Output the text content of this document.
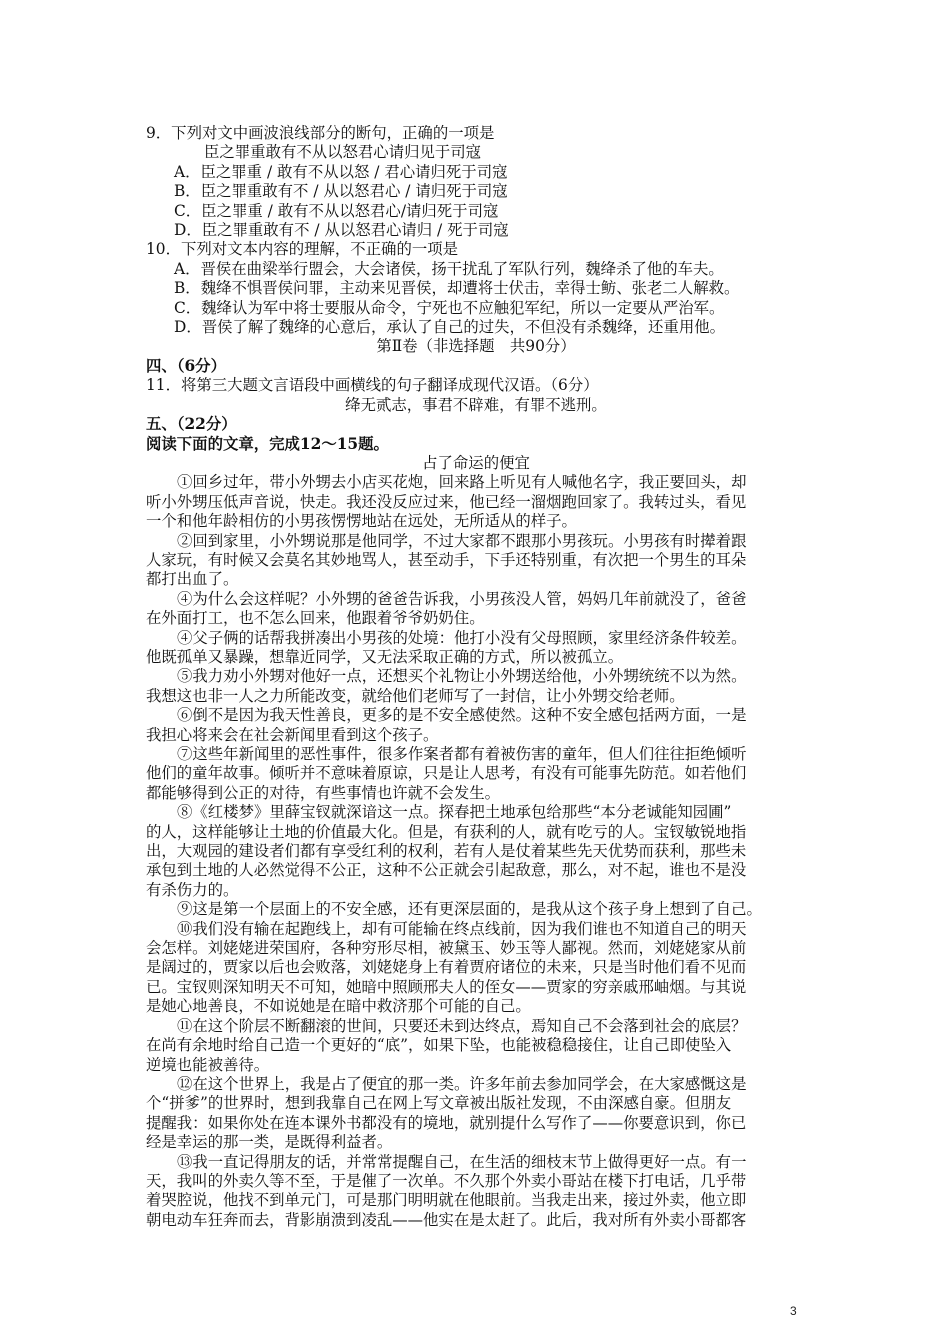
9．下列对文中画波浪线部分的断句，正确的一项是
臣之罪重敢有不从以怒君心请归见于司寇
A．臣之罪重 / 敢有不从以怒 / 君心请归死于司寇
B．臣之罪重敢有不 / 从以怒君心 / 请归死于司寇
C．臣之罪重 / 敢有不从以怒君心/请归死于司寇
D．臣之罪重敢有不 / 从以怒君心请归 / 死于司寇
10．下列对文本内容的理解，不正确的一项是
A．晋侯在曲梁举行盟会，大会诸侯，扬干扰乱了军队行列，魏绛杀了他的车夫。
B．魏绛不惧晋侯问罪，主动来见晋侯，却遭将士伏击，幸得士鲂、张老二人解救。
C．魏绛认为军中将士要服从命令，宁死也不应触犯军纪，所以一定要从严治军。
D．晋侯了解了魏绛的心意后，承认了自己的过失，不但没有杀魏绛，还重用他。
第Ⅱ卷（非选择题　共90分）
四、（6分）
11．将第三大题文言语段中画横线的句子翻译成现代汉语。（6分）
绛无贰志，事君不辟难，有罪不逃刑。
五、（22分）
阅读下面的文章，完成12～15题。
占了命运的便宜
①回乡过年，带小外甥去小店买花炮，回来路上听见有人喊他名字，我正要回头，却
听小外甥压低声音说，快走。我还没反应过来，他已经一溜烟跑回家了。我转过头，看见
一个和他年龄相仿的小男孩愣愣地站在远处，无所适从的样子。
②回到家里，小外甥说那是他同学，不过大家都不跟那小男孩玩。小男孩有时撵着跟
人家玩，有时候又会莫名其妙地骂人，甚至动手，下手还特别重，有次把一个男生的耳朵
都打出血了。
④为什么会这样呢？小外甥的爸爸告诉我，小男孩没人管，妈妈几年前就没了，爸爸
在外面打工，也不怎么回来，他跟着爷爷奶奶住。
④父子俩的话帮我拼凑出小男孩的处境：他打小没有父母照顾，家里经济条件较差。
他既孤单又暴躁，想靠近同学，又无法采取正确的方式，所以被孤立。
⑤我力劝小外甥对他好一点，还想买个礼物让小外甥送给他，小外甥统统不以为然。
我想这也非一人之力所能改变，就给他们老师写了一封信，让小外甥交给老师。
⑥倒不是因为我天性善良，更多的是不安全感使然。这种不安全感包括两方面，一是
我担心将来会在社会新闻里看到这个孩子。
⑦这些年新闻里的恶性事件，很多作案者都有着被伤害的童年，但人们往往拒绝倾听
他们的童年故事。倾听并不意味着原谅，只是让人思考，有没有可能事先防范。如若他们
都能够得到公正的对待，有些事情也许就不会发生。
⑧《红楼梦》里薛宝钗就深谙这一点。探春把土地承包给那些“本分老诚能知园圃”
的人，这样能够让土地的价值最大化。但是，有获利的人，就有吃亏的人。宝钗敏锐地指
出，大观园的建设者们都有享受红利的权利，若有人是仗着某些先天优势而获利，那些未
承包到土地的人必然觉得不公正，这种不公正就会引起敌意，那么，对不起，谁也不是没
有杀伤力的。
⑨这是第一个层面上的不安全感，还有更深层面的，是我从这个孩子身上想到了自己。
⑩我们没有输在起跑线上，却有可能输在终点线前，因为我们谁也不知道自己的明天
会怎样。刘姥姥进荣国府，各种穷形尽相，被黛玉、妙玉等人鄙视。然而，刘姥姥家从前
是阔过的，贾家以后也会败落，刘姥姥身上有着贾府诸位的未来，只是当时他们看不见而
已。宝钗则深知明天不可知，她暗中照顾邢夫人的侄女——贾家的穷亲戚邢岫烟。与其说
是她心地善良，不如说她是在暗中救济那个可能的自己。
⑪在这个阶层不断翻滚的世间，只要还未到达终点，焉知自己不会落到社会的底层？
在尚有余地时给自己造一个更好的“底”，如果下坠，也能被稳稳接住，让自己即使坠入
逆境也能被善待。
⑫在这个世界上，我是占了便宜的那一类。许多年前去参加同学会，在大家感慨这是
个“拼爹”的世界时，想到我靠自己在网上写文章被出版社发现，不由深感自豪。但朋友
提醒我：如果你处在连本课外书都没有的境地，就别提什么写作了——你要意识到，你已
经是幸运的那一类，是既得利益者。
⑬我一直记得朋友的话，并常常提醒自己，在生活的细枝末节上做得更好一点。有一
天，我叫的外卖久等不至，于是催了一次单。不久那个外卖小哥站在楼下打电话，几乎带
着哭腔说，他找不到单元门，可是那门明明就在他眼前。当我走出来，接过外卖，他立即
朝电动车狂奔而去，背影崩溃到凌乱——他实在是太赶了。此后，我对所有外卖小哥都客
3
